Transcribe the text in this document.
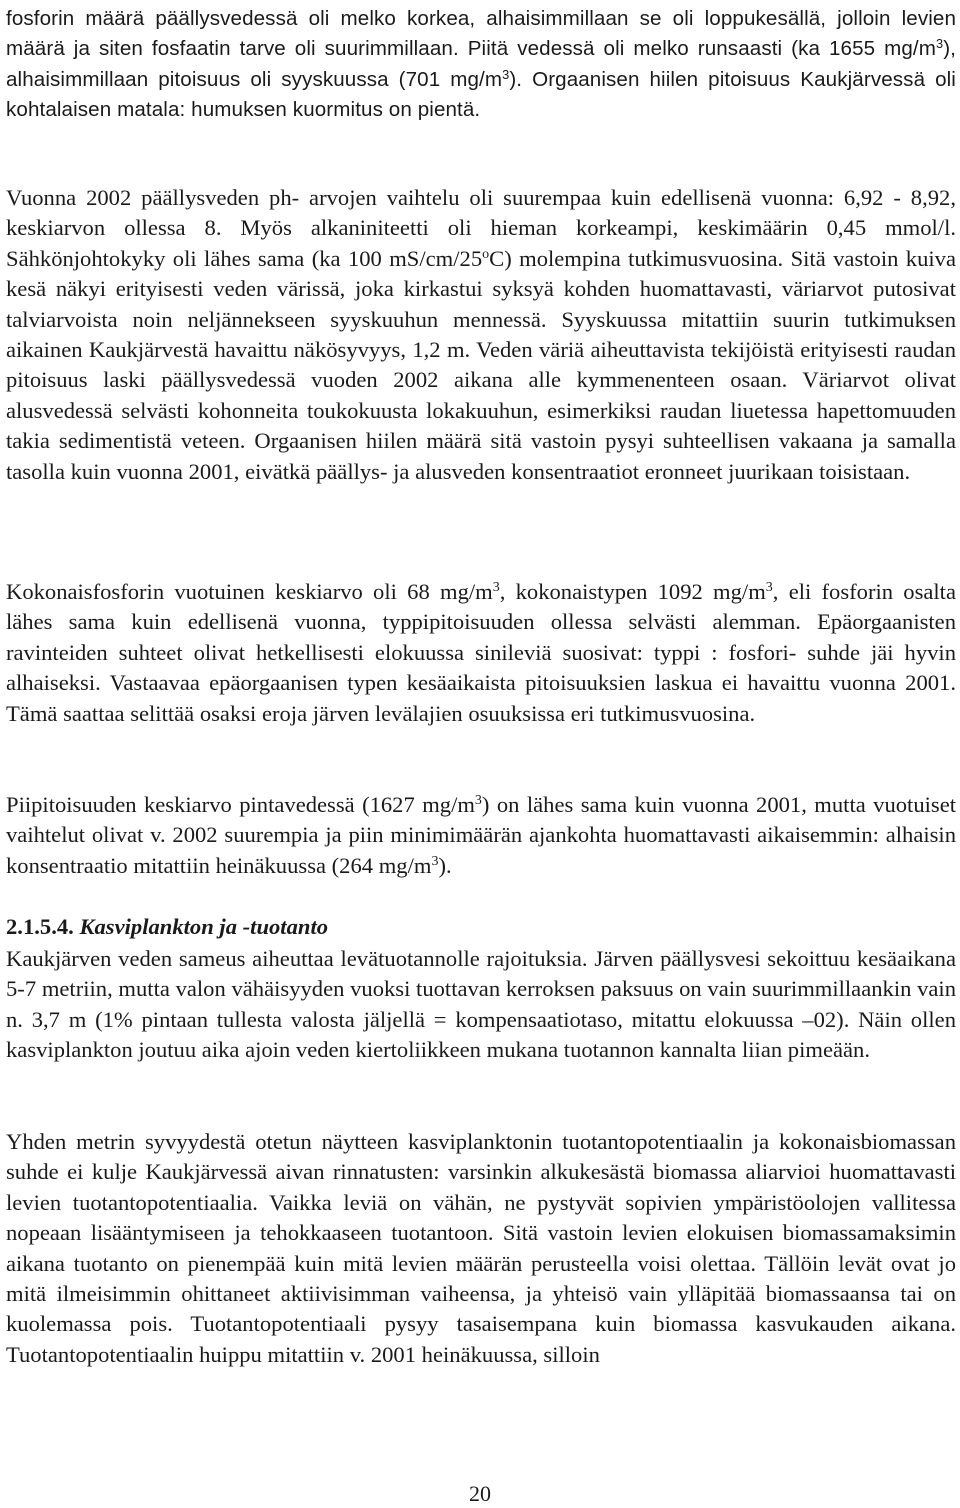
fosforin määrä päällysvedessä oli melko korkea, alhaisimmillaan se oli loppukesällä, jolloin levien määrä ja siten fosfaatin tarve oli suurimmillaan. Piitä vedessä oli melko runsaasti (ka 1655 $mg/m^3$), alhaisimmillaan pitoisuus oli syyskuussa (701 $mg/m^3$). Orgaanisen hiilen pitoisuus Kaukjärvessä oli kohtalaisen matala: humuksen kuormitus on pientä.

Vuonna 2002 päällysveden ph- arvojen vaihtelu oli suurempaa kuin edellisenä vuonna: 6,92 - 8,92, keskiarvon ollessa 8. Myös alkaniniteetti oli hieman korkeampi, keskimäärin 0,45 mmol/l. Sähkönjohtokyky oli lähes sama (ka 100 mS/cm/25$^o$C) molempina tutkimusvuosina. Sitä vastoin kuiva kesä näkyi erityisesti veden värissä, joka kirkastui syksyä kohden huomattavasti, väriarvot putosivat talviarvoista noin neljännekseen syyskuuhun mennessä. Syyskuussa mitattiin suurin tutkimuksen aikainen Kaukjärvestä havaittu näkösyvyys, 1,2 m. Veden väriä aiheuttavista tekijöistä erityisesti raudan pitoisuus laski päällysvedessä vuoden 2002 aikana alle kymmenenteen osaan. Väriarvot olivat alusvedessä selvästi kohonneita toukokuusta lokakuuhun, esimerkiksi raudan liuetessa hapettomuuden takia sedimentistä veteen. Orgaanisen hiilen määrä sitä vastoin pysyi suhteellisen vakaana ja samalla tasolla kuin vuonna 2001, eivätkä päällys- ja alusveden konsentraatiot eronneet juurikaan toisistaan.

Kokonaisfosforin vuotuinen keskiarvo oli 68 $mg/m^3$, kokonaistypen 1092 $mg/m^3$, eli fosforin osalta lähes sama kuin edellisenä vuonna, typpipitoisuuden ollessa selvästi alemman. Epäorgaanisten ravinteiden suhteet olivat hetkellisesti elokuussa sinileviä suosivat: typpi : fosfori- suhde jäi hyvin alhaiseksi. Vastaavaa epäorgaanisen typen kesäaikaista pitoisuuksien laskua ei havaittu vuonna 2001. Tämä saattaa selittää osaksi eroja järven levälajien osuuksissa eri tutkimusvuosina.

Piipitoisuuden keskiarvo pintavedessä (1627 $mg/m^3$) on lähes sama kuin vuonna 2001, mutta vuotuiset vaihtelut olivat v. 2002 suurempia ja piin minimimäärän ajankohta huomattavasti aikaisemmin: alhaisin konsentraatio mitattiin heinäkuussa (264 $mg/m^3$).

2.1.5.4. Kasviplankton ja -tuotanto

Kaukjärven veden sameus aiheuttaa levätuotannolle rajoituksia. Järven päällysvesi sekoittuu kesäaikana 5-7 metriin, mutta valon vähäisyyden vuoksi tuottavan kerroksen paksuus on vain suurimmillaankin vain n. 3,7 m (1% pintaan tullesta valosta jäljellä = kompensaatiotaso, mitattu elokuussa –02). Näin ollen kasviplankton joutuu aika ajoin veden kiertoliikkeen mukana tuotannon kannalta liian pimeään.

Yhden metrin syvyydestä otetun näytteen kasviplanktonin tuotantopotentiaalin ja kokonaisbiomassan suhde ei kulje Kaukjärvessä aivan rinnatusten: varsinkin alkukesästä biomassa aliarvioi huomattavasti levien tuotantopotentiaalia. Vaikka leviä on vähän, ne pystyvät sopivien ympäristöolojen vallitessa nopeaan lisääntymiseen ja tehokkaaseen tuotantoon. Sitä vastoin levien elokuisen biomassamaksimin aikana tuotanto on pienempää kuin mitä levien määrän perusteella voisi olettaa. Tällöin levät ovat jo mitä ilmeisimmin ohittaneet aktiivisimman vaiheensa, ja yhteisö vain ylläpitää biomassaansa tai on kuolemassa pois. Tuotantopotentiaali pysyy tasaisempana kuin biomassa kasvukauden aikana. Tuotantopotentiaalin huippu mitattiin v. 2001 heinäkuussa, silloin

20
